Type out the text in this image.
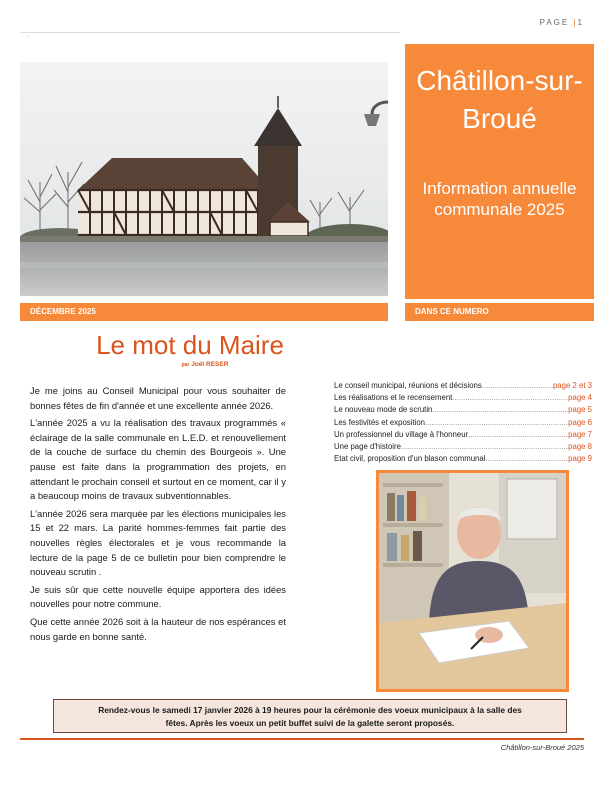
PAGE |1
-
Châtillon-sur-Broué
Information annuelle communale 2025
DÉCEMBRE 2025	DANS CE NUMERO
Le mot du Maire
par Joël RESER

Je me joins au Conseil Municipal pour vous souhaiter de bonnes fêtes de fin d'année et une excellente année 2026.

L'année 2025 a vu la réalisation des travaux programmés « éclairage de la salle communale en L.E.D. et renouvellement de la couche de surface du chemin des Bourgeois ». Une pause est faite dans la programmation des projets, en attendant le prochain conseil et surtout en ce moment, car il y a beaucoup moins de travaux subventionnables.

L'année 2026 sera marquée par les élections municipales les 15 et 22 mars. La parité hommes-femmes fait partie des nouvelles règles électorales et je vous recommande la lecture de la page 5 de ce bulletin pour bien comprendre le nouveau scrutin .

Je suis sûr que cette nouvelle équipe apportera des idées nouvelles pour notre commune.

Que cette année 2026 soit à la hauteur de nos espérances et nous garde en bonne santé.

Le conseil municipal, réunions et décisions .....	page 2 et 3
Les réalisations et le recensement .....	page 4
Le nouveau mode de scrutin .....	page 5
Les festivités et exposition .....	page 6
Un professionnel du village à l'honneur .....	page 7
Une page d'histoire .....	page 8
Etat civil, proposition d'un blason communal .....	page 9
Rendez-vous le samedi 17 janvier 2026 à 19 heures pour la cérémonie des voeux municipaux à la salle des
fêtes. Après les voeux un petit buffet suivi de la galette seront proposés.
Châtillon-sur-Broué 2025
